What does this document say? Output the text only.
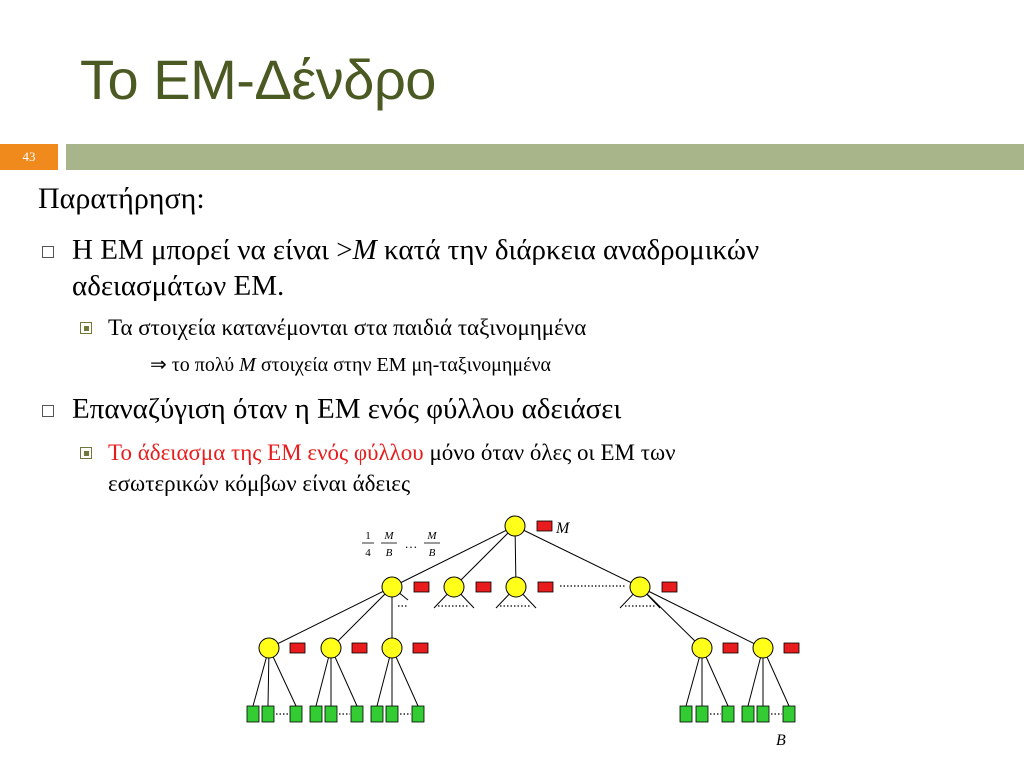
Το ΕΜ-Δένδρο
43
Παρατήρηση:
Η ΕΜ μπορεί να είναι >M κατά την διάρκεια αναδρομικών
αδειασμάτων ΕΜ.
Τα στοιχεία κατανέμονται στα παιδιά ταξινομημένα
⇒ το πολύ M στοιχεία στην ΕΜ μη-ταξινομημένα
Επαναζύγιση όταν η ΕΜ ενός φύλλου αδειάσει
Το άδειασμα της ΕΜ ενός φύλλου μόνο όταν όλες οι ΕΜ των
εσωτερικών κόμβων είναι άδειες
1
4
M
B
… M
B
M
B
